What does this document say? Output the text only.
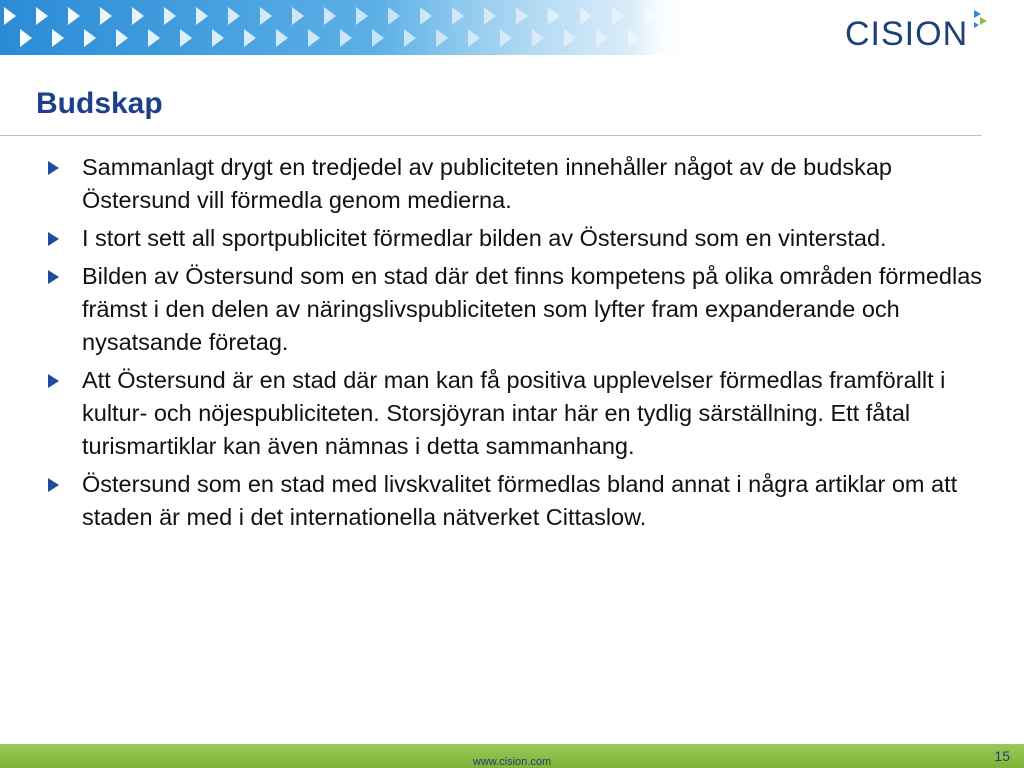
CISION
Budskap
Sammanlagt drygt en tredjedel av publiciteten innehåller något av de budskap Östersund vill förmedla genom medierna.
I stort sett all sportpublicitet förmedlar bilden av Östersund som en vinterstad.
Bilden av Östersund som en stad där det finns kompetens på olika områden förmedlas främst i den delen av näringslivspubliciteten som lyfter fram expanderande och nysatsande företag.
Att Östersund är en stad där man kan få positiva upplevelser förmedlas framförallt i kultur- och nöjespubliciteten. Storsjöyran intar här en tydlig särställning. Ett fåtal turismartiklar kan även nämnas i detta sammanhang.
Östersund som en stad med livskvalitet förmedlas bland annat i några artiklar om att staden är med i det internationella nätverket Cittaslow.
www.cision.com	15
